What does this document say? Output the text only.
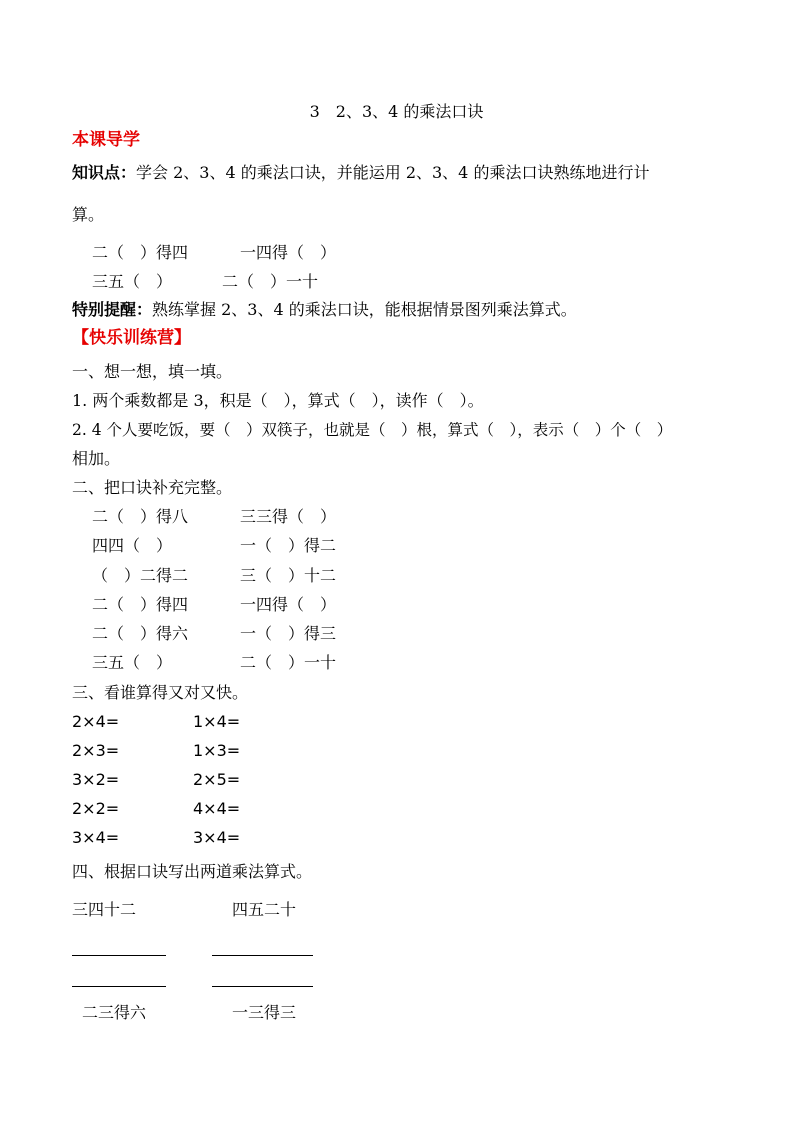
3　2、3、4 的乘法口诀
本课导学
知识点：学会 2、3、4 的乘法口诀，并能运用 2、3、4 的乘法口诀熟练地进行计
算。
二（　）得四	一四得（　）
三五（　）	二（　）一十
特别提醒：熟练掌握 2、3、4 的乘法口诀，能根据情景图列乘法算式。
【快乐训练营】
一、想一想，填一填。
1. 两个乘数都是 3，积是（　），算式（　），读作（　）。
2. 4 个人要吃饭，要（　）双筷子，也就是（　）根，算式（　），表示（　）个（　）
相加。
二、把口诀补充完整。
二（　）得八	三三得（　）
四四（　）	一（　）得二
（　）二得二	三（　）十二
二（　）得四	一四得（　）
二（　）得六	一（　）得三
三五（　）	二（　）一十
三、看谁算得又对又快。
2×4=	1×4=
2×3=	1×3=
3×2=	2×5=
2×2=	4×4=
3×4=	3×4=
四、根据口诀写出两道乘法算式。
三四十二	四五二十
二三得六	一三得三
